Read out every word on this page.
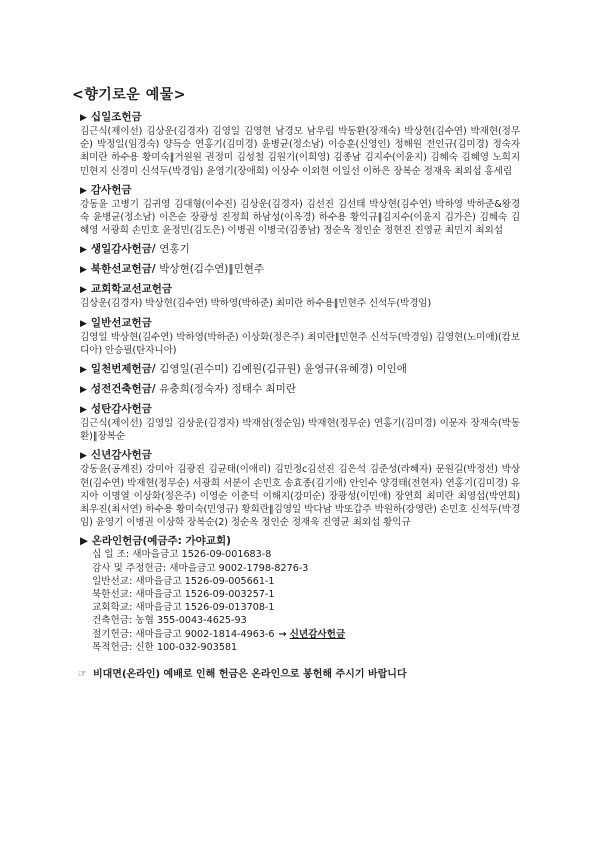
<향기로운 예물>
▶ 십일조헌금
김근식(제이선) 김상운(김경자) 김영일 김영현 남경모 남우림 박동환(장재숙) 박상현(김수연) 박재현(정무순) 박정일(임경숙) 양득승 연홍기(김미경) 윤병균(정소남) 이승훈(신영인) 정해원 전인규(김미경) 정숙자 최미란 하수용 황미숙‖거원원 권정미 김성철 김원기(이희영) 김종남 김지수(이윤지) 김혜숙 김혜영 노희지 민현지 신경미 신석두(박경임) 윤영기(장애희) 이상수 이외현 이일선 이하은 장복순 정재욱 최외섭 홍세림
▶ 감사헌금
강동윤 고병기 김귀영 김대형(이수진) 김상운(김경자) 김선진 김선태 박상현(김수연) 박하영 박하준&왕경숙 윤병균(정소남) 이은순 장광성 진정희 하남성(이옥경) 하수용 황익규‖김지수(이윤지 김가은) 김혜숙 김혜영 서광희 손민호 윤정민(김도은) 이병권 이병국(김종남) 정순옥 정인순 정현진 진영균 최민지 최외섭
▶ 생일감사헌금/ 연홍기
▶ 북한선교헌금/ 박상현(김수연)‖민현주
▶ 교회학교선교헌금
김상운(김경자) 박상현(김수연) 박하영(박하준) 최미란 하수용‖민현주 신석두(박경임)
▶ 일반선교헌금
김영일 박상현(김수연) 박하영(박하준) 이상화(정은주) 최미란‖민현주 신석두(박경임) 김영현(노미애)(캄보디아) 안승필(탄자니아)
▶ 일천번제헌금/ 김영일(권수미) 김예원(김규원) 윤영규(유혜경) 이인애
▶ 성전건축헌금/ 유충희(정숙자) 정태수 최미란
▶ 성탄감사헌금
김근식(제이선) 김영일 김상운(김경자) 박재삼(정순임) 박재현(정무순) 연홍기(김미경) 이문자 장재숙(박동환)‖장복순
▶ 신년감사헌금
강동윤(공계진) 강미아 김광진 김균태(이애리) 김민정c김선진 김은석 김준성(라혜자) 문원길(박정선) 박상현(김수연) 박재현(정무순) 서광희 서분이 손민호 송효종(김기애) 안인수 양경태(전현자) 연홍기(김미경) 유지아 이명열 이상화(정은주) 이영순 이춘덕 이해지(강미순) 장광성(이민애) 장연희 최미란 최영섭(박연희) 최우진(최서연) 하수용 황미숙(민영규) 황희란‖김영일 박다남 박또갑주 박원하(강영란) 손민호 신석두(박경임) 윤영기 이병권 이상학 장복순(2) 정순옥 정인순 정재욱 진영균 최외섭 황익규
▶ 온라인헌금(예금주: 가야교회)
십 일 조: 새마을금고 1526-09-001683-8
감사 및 주정헌금: 새마을금고 9002-1798-8276-3
일반선교: 새마을금고 1526-09-005661-1
북한선교: 새마을금고 1526-09-003257-1
교회학교: 새마을금고 1526-09-013708-1
건축헌금: 농협 355-0043-4625-93
절기헌금: 새마을금고 9002-1814-4963-6 → 신년감사헌금
목적헌금: 신한 100-032-903581
☞ 비대면(온라인) 예배로 인해 헌금은 온라인으로 봉헌해 주시기 바랍니다
